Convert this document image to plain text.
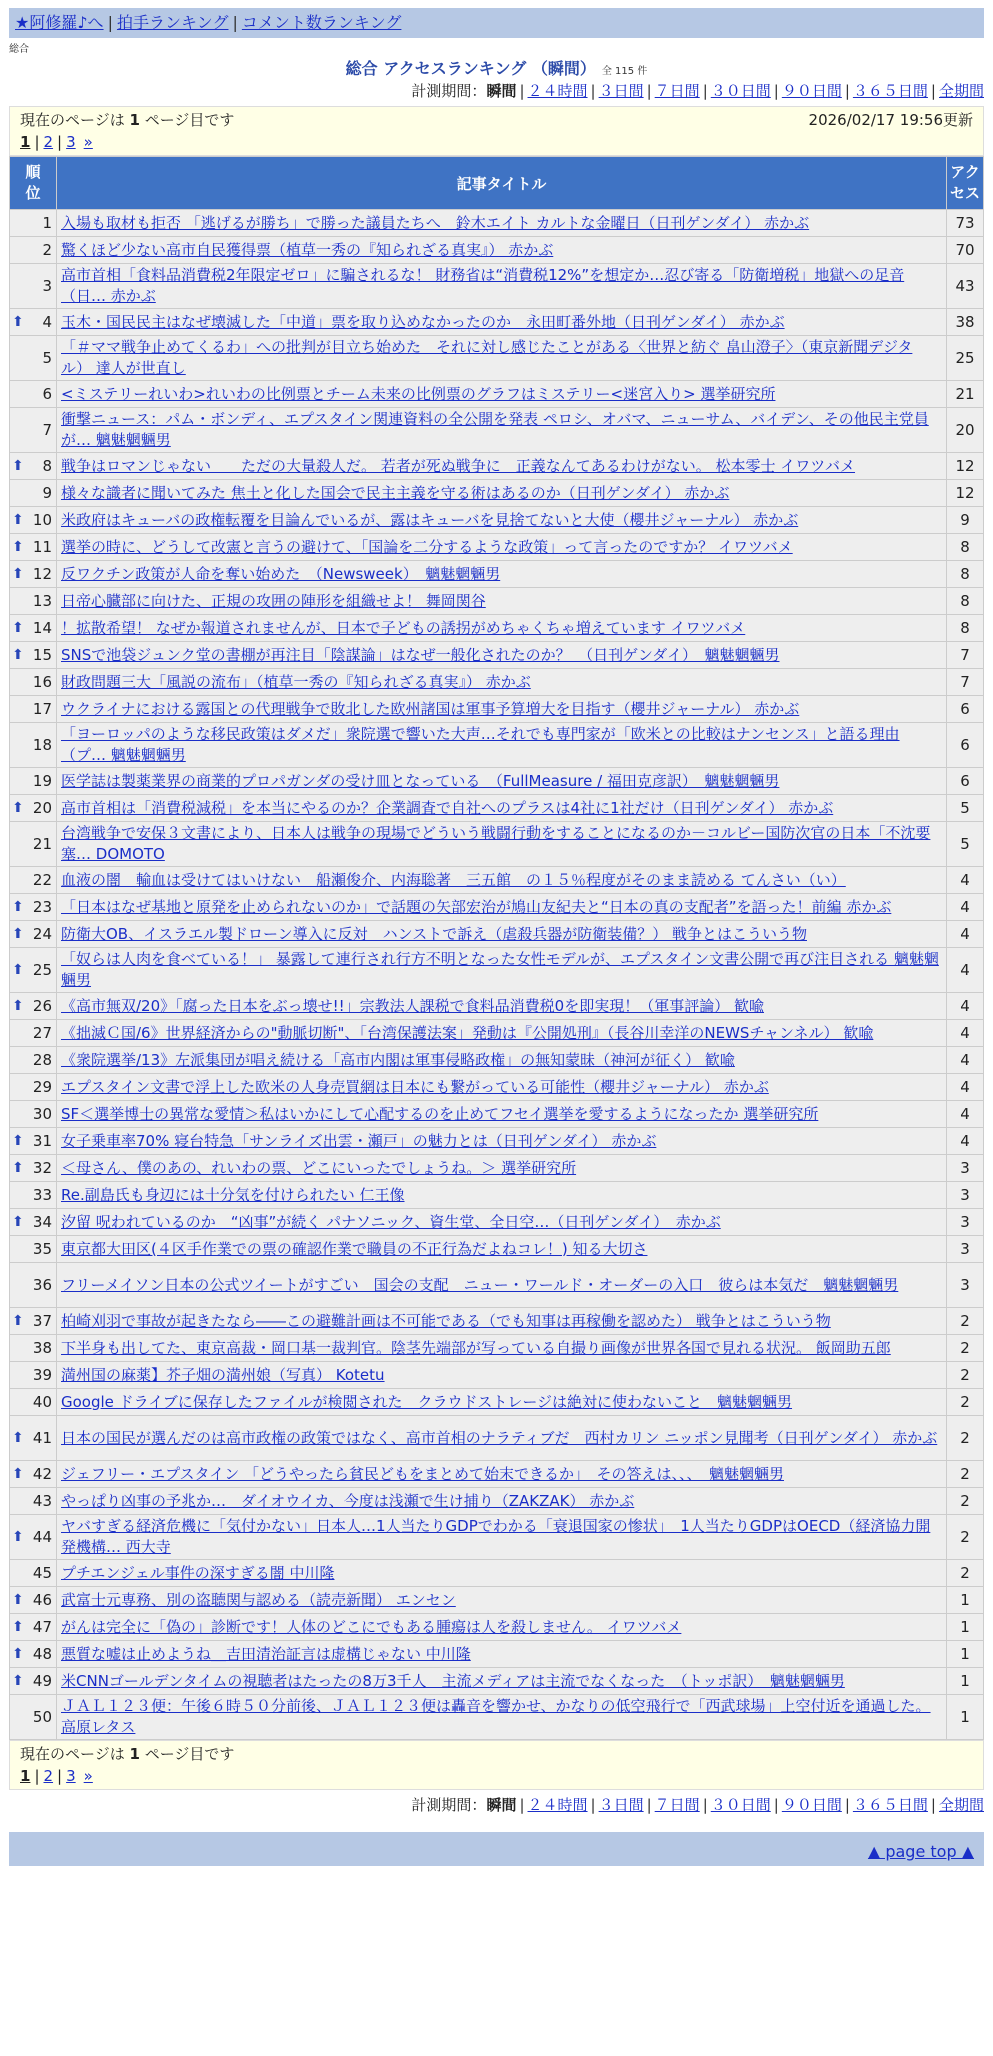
★阿修羅♪へ | 拍手ランキング | コメント数ランキング
総合
総合 アクセスランキング （瞬間） 全 115 件
計測期間：瞬間 | ２４時間 | ３日間 | ７日間 | ３０日間 | ９０日間 | ３６５日間 | 全期間
現在のページは 1 ページ目です	2026/02/17 19:56更新
1 | 2 | 3 »
順位	記事タイトル	アクセス
1	入場も取材も拒否 「逃げるが勝ち」で勝った議員たちへ　鈴木エイト カルトな金曜日（日刊ゲンダイ） 赤かぶ	73
2	驚くほど少ない高市自民獲得票（植草一秀の『知られざる真実』） 赤かぶ	70
3	高市首相「食料品消費税2年限定ゼロ」に騙されるな！ 財務省は“消費税12%”を想定か…忍び寄る「防衛増税」地獄への足音（日… 赤かぶ	43

⬆ 4	玉木・国民民主はなぜ壊滅した「中道」票を取り込めなかったのか　永田町番外地（日刊ゲンダイ） 赤かぶ	38
5	「＃ママ戦争止めてくるわ」への批判が目立ち始めた　それに対し感じたことがある〈世界と紡ぐ 畠山澄子〉（東京新聞デジタル） 達人が世直し	25
6	<ミステリーれいわ>れいわの比例票とチーム未来の比例票のグラフはミステリー<迷宮入り> 選挙研究所	21
7	衝撃ニュース：パム・ボンディ、エプスタイン関連資料の全公開を発表 ペロシ、オバマ、ニューサム、バイデン、その他民主党員が… 魑魅魍魎男	20

⬆ 8	戦争はロマンじゃない　　ただの大量殺人だ。 若者が死ぬ戦争に　正義なんてあるわけがない。 松本零士 イワツバメ	12
9	様々な識者に聞いてみた 焦土と化した国会で民主主義を守る術はあるのか（日刊ゲンダイ） 赤かぶ	12

⬆ 10	米政府はキューバの政権転覆を目論んでいるが、露はキューバを見捨てないと大使（櫻井ジャーナル） 赤かぶ	9

⬆ 11	選挙の時に、どうして改憲と言うの避けて、「国論を二分するような政策」って言ったのですか？ イワツバメ	8

⬆ 12	反ワクチン政策が人命を奪い始めた　（Newsweek）　魑魅魍魎男	8
13	日帝心臓部に向けた、正規の攻囲の陣形を組織せよ！ 舞岡関谷	8

⬆ 14	！拡散希望！ なぜか報道されませんが、日本で子どもの誘拐がめちゃくちゃ増えています イワツバメ	8

⬆ 15	SNSで池袋ジュンク堂の書棚が再注目「陰謀論」はなぜ一般化されたのか？　（日刊ゲンダイ）　魑魅魍魎男	7
16	財政問題三大「風説の流布」（植草一秀の『知られざる真実』） 赤かぶ	7
17	ウクライナにおける露国との代理戦争で敗北した欧州諸国は軍事予算増大を目指す（櫻井ジャーナル） 赤かぶ	6
18	「ヨーロッパのような移民政策はダメだ」衆院選で響いた大声…それでも専門家が「欧米との比較はナンセンス」と語る理由（プ… 魑魅魍魎男	6
19	医学誌は製薬業界の商業的プロパガンダの受け皿となっている　（FullMeasure / 福田克彦訳）　魑魅魍魎男	6

⬆ 20	高市首相は「消費税減税」を本当にやるのか？企業調査で自社へのプラスは4社に1社だけ（日刊ゲンダイ） 赤かぶ	5
21	台湾戦争で安保３文書により、日本人は戦争の現場でどういう戦闘行動をすることになるのか－コルビー国防次官の日本「不沈要塞… DOMOTO	5
22	血液の闇　輸血は受けてはいけない　船瀬俊介、内海聡著　三五館　の１５％程度がそのまま読める てんさい（い）	4

⬆ 23	「日本はなぜ基地と原発を止められないのか」で話題の矢部宏治が鳩山友紀夫と“日本の真の支配者”を語った！前編 赤かぶ	4

⬆ 24	防衛大OB、イスラエル製ドローン導入に反対　ハンストで訴え（虐殺兵器が防衛装備？） 戦争とはこういう物	4

⬆ 25	「奴らは人肉を食べている！」 暴露して連行され行方不明となった女性モデルが、エプスタイン文書公開で再び注目される 魑魅魍魎男	4

⬆ 26	《高市無双/20》「腐った日本をぶっ壊せ!!」宗教法人課税で食料品消費税0を即実現！（軍事評論） 歓喩	4
27	《拙滅Ｃ国/6》世界経済からの"動脈切断"、「台湾保護法案」発動は『公開処刑』（長谷川幸洋のNEWSチャンネル） 歓喩	4
28	《衆院選挙/13》左派集団が唱え続ける「高市内閣は軍事侵略政権」の無知蒙昧（神河が征く） 歓喩	4
29	エプスタイン文書で浮上した欧米の人身売買網は日本にも繋がっている可能性（櫻井ジャーナル） 赤かぶ	4
30	SF＜選挙博士の異常な愛情＞私はいかにして心配するのを止めてフセイ選挙を愛するようになったか 選挙研究所	4

⬆ 31	女子乗車率70% 寝台特急「サンライズ出雲・瀬戸」の魅力とは（日刊ゲンダイ） 赤かぶ	4

⬆ 32	＜母さん、僕のあの、れいわの票、どこにいったでしょうね。＞ 選挙研究所	3
33	Re.副島氏も身辺には十分気を付けられたい 仁王像	3

⬆ 34	汐留 呪われているのか　“凶事”が続く パナソニック、資生堂、全日空…（日刊ゲンダイ）　赤かぶ	3
35	東京都大田区(４区手作業での票の確認作業で職員の不正行為だよねコレ！) 知る大切さ	3
36	フリーメイソン日本の公式ツイートがすごい　国会の支配　ニュー・ワールド・オーダーの入口　彼らは本気だ　魑魅魍魎男	3

⬆ 37	柏崎刈羽で事故が起きたなら――この避難計画は不可能である（でも知事は再稼働を認めた） 戦争とはこういう物	2
38	下半身も出してた、東京高裁・岡口基一裁判官。陰茎先端部が写っている自撮り画像が世界各国で見れる状況。 飯岡助五郎	2
39	満州国の麻薬】芥子畑の満州娘（写真） Kotetu	2
40	Google ドライブに保存したファイルが検閲された　クラウドストレージは絶対に使わないこと　魑魅魍魎男	2

⬆ 41	日本の国民が選んだのは高市政権の政策ではなく、高市首相のナラティブだ　西村カリン ニッポン見聞考（日刊ゲンダイ） 赤かぶ	2

⬆ 42	ジェフリー・エプスタイン 「どうやったら貧民どもをまとめて始末できるか」　その答えは、、、　魑魅魍魎男	2
43	やっぱり凶事の予兆か…　ダイオウイカ、今度は浅瀬で生け捕り（ZAKZAK） 赤かぶ	2

⬆ 44	ヤバすぎる経済危機に「気付かない」日本人…1人当たりGDPでわかる「衰退国家の惨状」　1人当たりGDPはOECD（経済協力開発機構… 西大寺	2
45	プチエンジェル事件の深すぎる闇 中川隆	2

⬆ 46	武富士元専務、別の盗聴関与認める（読売新聞） エンセン	1

⬆ 47	がんは完全に「偽の」診断です！人体のどこにでもある腫瘍は人を殺しません。 イワツバメ	1

⬆ 48	悪質な嘘は止めようね＿吉田清治証言は虚構じゃない 中川隆	1

⬆ 49	米CNNゴールデンタイムの視聴者はたったの8万3千人　主流メディアは主流でなくなった　（トッポ訳）　魑魅魍魎男	1
50	ＪＡＬ１２３便：午後６時５０分前後、ＪＡＬ１２３便は轟音を響かせ、かなりの低空飛行で「西武球場」上空付近を通過した。 高原レタス	1
現在のページは 1 ページ目です
1 | 2 | 3 »
計測期間：瞬間 | ２４時間 | ３日間 | ７日間 | ３０日間 | ９０日間 | ３６５日間 | 全期間
▲ page top ▲
